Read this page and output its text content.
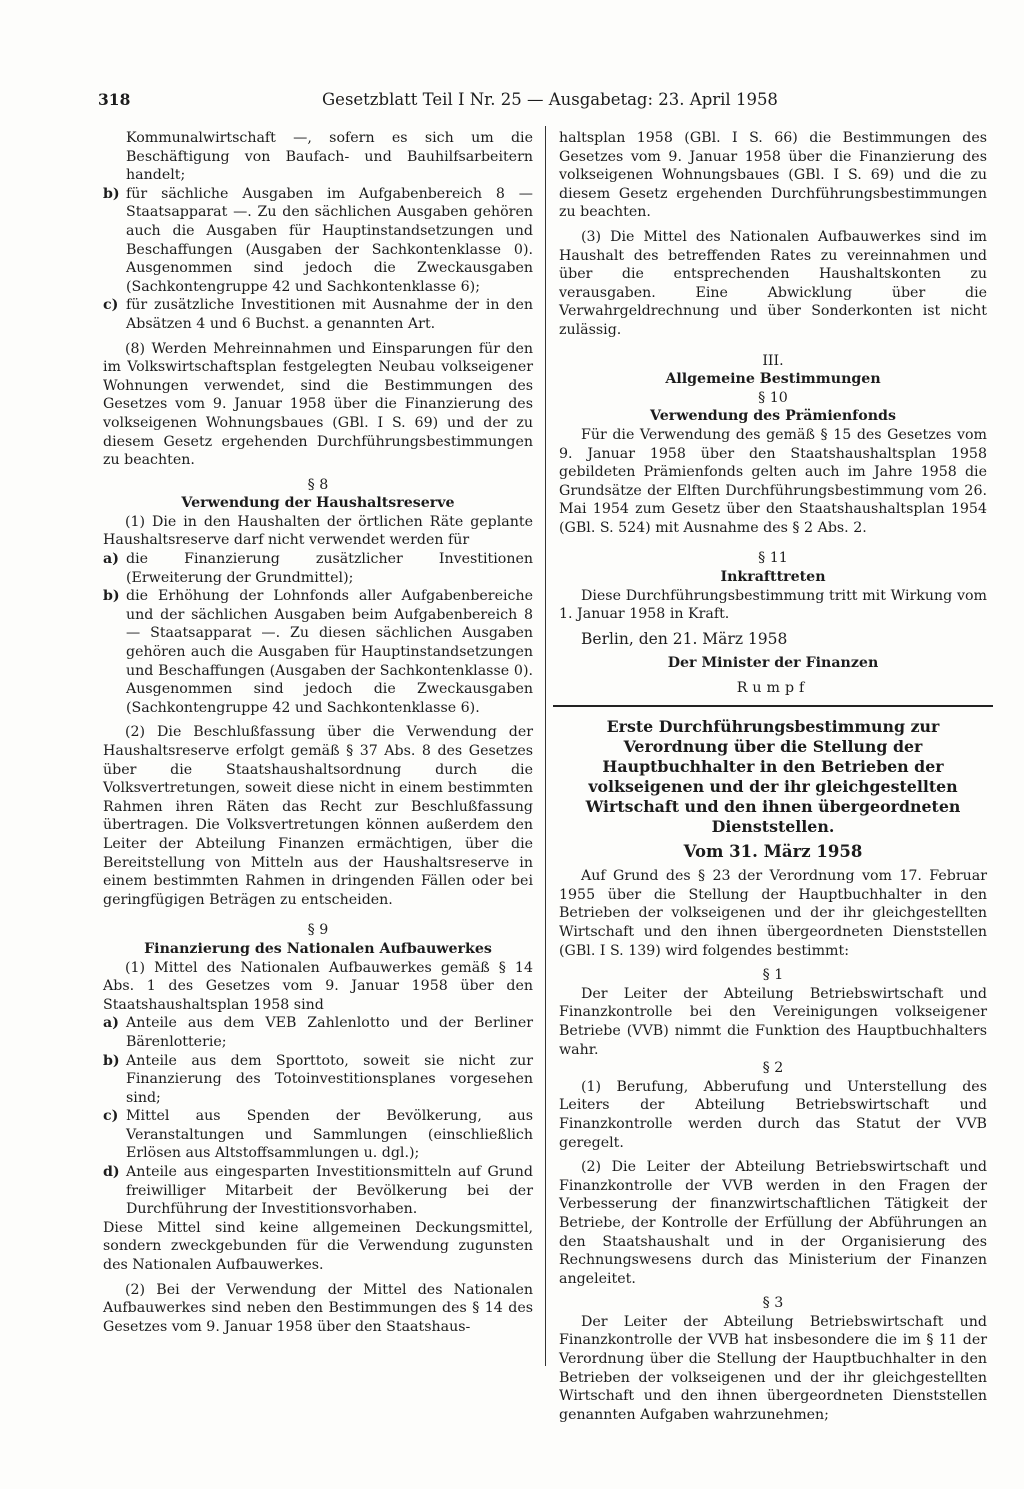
318	Gesetzblatt Teil I Nr. 25 — Ausgabetag: 23. April 1958

Kommunalwirtschaft —, sofern es sich um die Beschäftigung von Baufach- und Bauhilfsarbeitern handelt;

b) für sächliche Ausgaben im Aufgabenbereich 8 — Staatsapparat —. Zu den sächlichen Ausgaben gehören auch die Ausgaben für Hauptinstandsetzungen und Beschaffungen (Ausgaben der Sachkontenklasse 0). Ausgenommen sind jedoch die Zweckausgaben (Sachkontengruppe 42 und Sachkontenklasse 6);
c) für zusätzliche Investitionen mit Ausnahme der in den Absätzen 4 und 6 Buchst. a genannten Art.

(8) Werden Mehreinnahmen und Einsparungen für den im Volkswirtschaftsplan festgelegten Neubau volkseigener Wohnungen verwendet, sind die Bestimmungen des Gesetzes vom 9. Januar 1958 über die Finanzierung des volkseigenen Wohnungsbaues (GBl. I S. 69) und der zu diesem Gesetz ergehenden Durchführungsbestimmungen zu beachten.

§ 8

Verwendung der Haushaltsreserve

(1) Die in den Haushalten der örtlichen Räte geplante Haushaltsreserve darf nicht verwendet werden für

a) die Finanzierung zusätzlicher Investitionen (Erweiterung der Grundmittel);
b) die Erhöhung der Lohnfonds aller Aufgabenbereiche und der sächlichen Ausgaben beim Aufgabenbereich 8 — Staatsapparat —. Zu diesen sächlichen Ausgaben gehören auch die Ausgaben für Hauptinstandsetzungen und Beschaffungen (Ausgaben der Sachkontenklasse 0). Ausgenommen sind jedoch die Zweckausgaben (Sachkontengruppe 42 und Sachkontenklasse 6).

(2) Die Beschlußfassung über die Verwendung der Haushaltsreserve erfolgt gemäß § 37 Abs. 8 des Gesetzes über die Staatshaushaltsordnung durch die Volksvertretungen, soweit diese nicht in einem bestimmten Rahmen ihren Räten das Recht zur Beschlußfassung übertragen. Die Volksvertretungen können außerdem den Leiter der Abteilung Finanzen ermächtigen, über die Bereitstellung von Mitteln aus der Haushaltsreserve in einem bestimmten Rahmen in dringenden Fällen oder bei geringfügigen Beträgen zu entscheiden.

§ 9

Finanzierung des Nationalen Aufbauwerkes

(1) Mittel des Nationalen Aufbauwerkes gemäß § 14 Abs. 1 des Gesetzes vom 9. Januar 1958 über den Staatshaushaltsplan 1958 sind

a) Anteile aus dem VEB Zahlenlotto und der Berliner Bärenlotterie;
b) Anteile aus dem Sporttoto, soweit sie nicht zur Finanzierung des Totoinvestitionsplanes vorgesehen sind;
c) Mittel aus Spenden der Bevölkerung, aus Veranstaltungen und Sammlungen (einschließlich Erlösen aus Altstoffsammlungen u. dgl.);
d) Anteile aus eingesparten Investitionsmitteln auf Grund freiwilliger Mitarbeit der Bevölkerung bei der Durchführung der Investitionsvorhaben.

Diese Mittel sind keine allgemeinen Deckungsmittel, sondern zweckgebunden für die Verwendung zugunsten des Nationalen Aufbauwerkes.

(2) Bei der Verwendung der Mittel des Nationalen Aufbauwerkes sind neben den Bestimmungen des § 14 des Gesetzes vom 9. Januar 1958 über den Staatshaus-

haltsplan 1958 (GBl. I S. 66) die Bestimmungen des Gesetzes vom 9. Januar 1958 über die Finanzierung des volkseigenen Wohnungsbaues (GBl. I S. 69) und die zu diesem Gesetz ergehenden Durchführungsbestimmungen zu beachten.

(3) Die Mittel des Nationalen Aufbauwerkes sind im Haushalt des betreffenden Rates zu vereinnahmen und über die entsprechenden Haushaltskonten zu verausgaben. Eine Abwicklung über die Verwahrgeldrechnung und über Sonderkonten ist nicht zulässig.

III.

Allgemeine Bestimmungen

§ 10

Verwendung des Prämienfonds

Für die Verwendung des gemäß § 15 des Gesetzes vom 9. Januar 1958 über den Staatshaushaltsplan 1958 gebildeten Prämienfonds gelten auch im Jahre 1958 die Grundsätze der Elften Durchführungsbestimmung vom 26. Mai 1954 zum Gesetz über den Staatshaushaltsplan 1954 (GBl. S. 524) mit Ausnahme des § 2 Abs. 2.

§ 11

Inkrafttreten

Diese Durchführungsbestimmung tritt mit Wirkung vom 1. Januar 1958 in Kraft.

Berlin, den 21. März 1958

Der Minister der Finanzen

Rumpf

Erste Durchführungsbestimmung zur Verordnung über die Stellung der Hauptbuchhalter in den Betrieben der volkseigenen und der ihr gleichgestellten Wirtschaft und den ihnen übergeordneten Dienststellen.

Vom 31. März 1958

Auf Grund des § 23 der Verordnung vom 17. Februar 1955 über die Stellung der Hauptbuchhalter in den Betrieben der volkseigenen und der ihr gleichgestellten Wirtschaft und den ihnen übergeordneten Dienststellen (GBl. I S. 139) wird folgendes bestimmt:

§ 1

Der Leiter der Abteilung Betriebswirtschaft und Finanzkontrolle bei den Vereinigungen volkseigener Betriebe (VVB) nimmt die Funktion des Hauptbuchhalters wahr.

§ 2

(1) Berufung, Abberufung und Unterstellung des Leiters der Abteilung Betriebswirtschaft und Finanzkontrolle werden durch das Statut der VVB geregelt.

(2) Die Leiter der Abteilung Betriebswirtschaft und Finanzkontrolle der VVB werden in den Fragen der Verbesserung der finanzwirtschaftlichen Tätigkeit der Betriebe, der Kontrolle der Erfüllung der Abführungen an den Staatshaushalt und in der Organisierung des Rechnungswesens durch das Ministerium der Finanzen angeleitet.

§ 3

Der Leiter der Abteilung Betriebswirtschaft und Finanzkontrolle der VVB hat insbesondere die im § 11 der Verordnung über die Stellung der Hauptbuchhalter in den Betrieben der volkseigenen und der ihr gleichgestellten Wirtschaft und den ihnen übergeordneten Dienststellen genannten Aufgaben wahrzunehmen;
